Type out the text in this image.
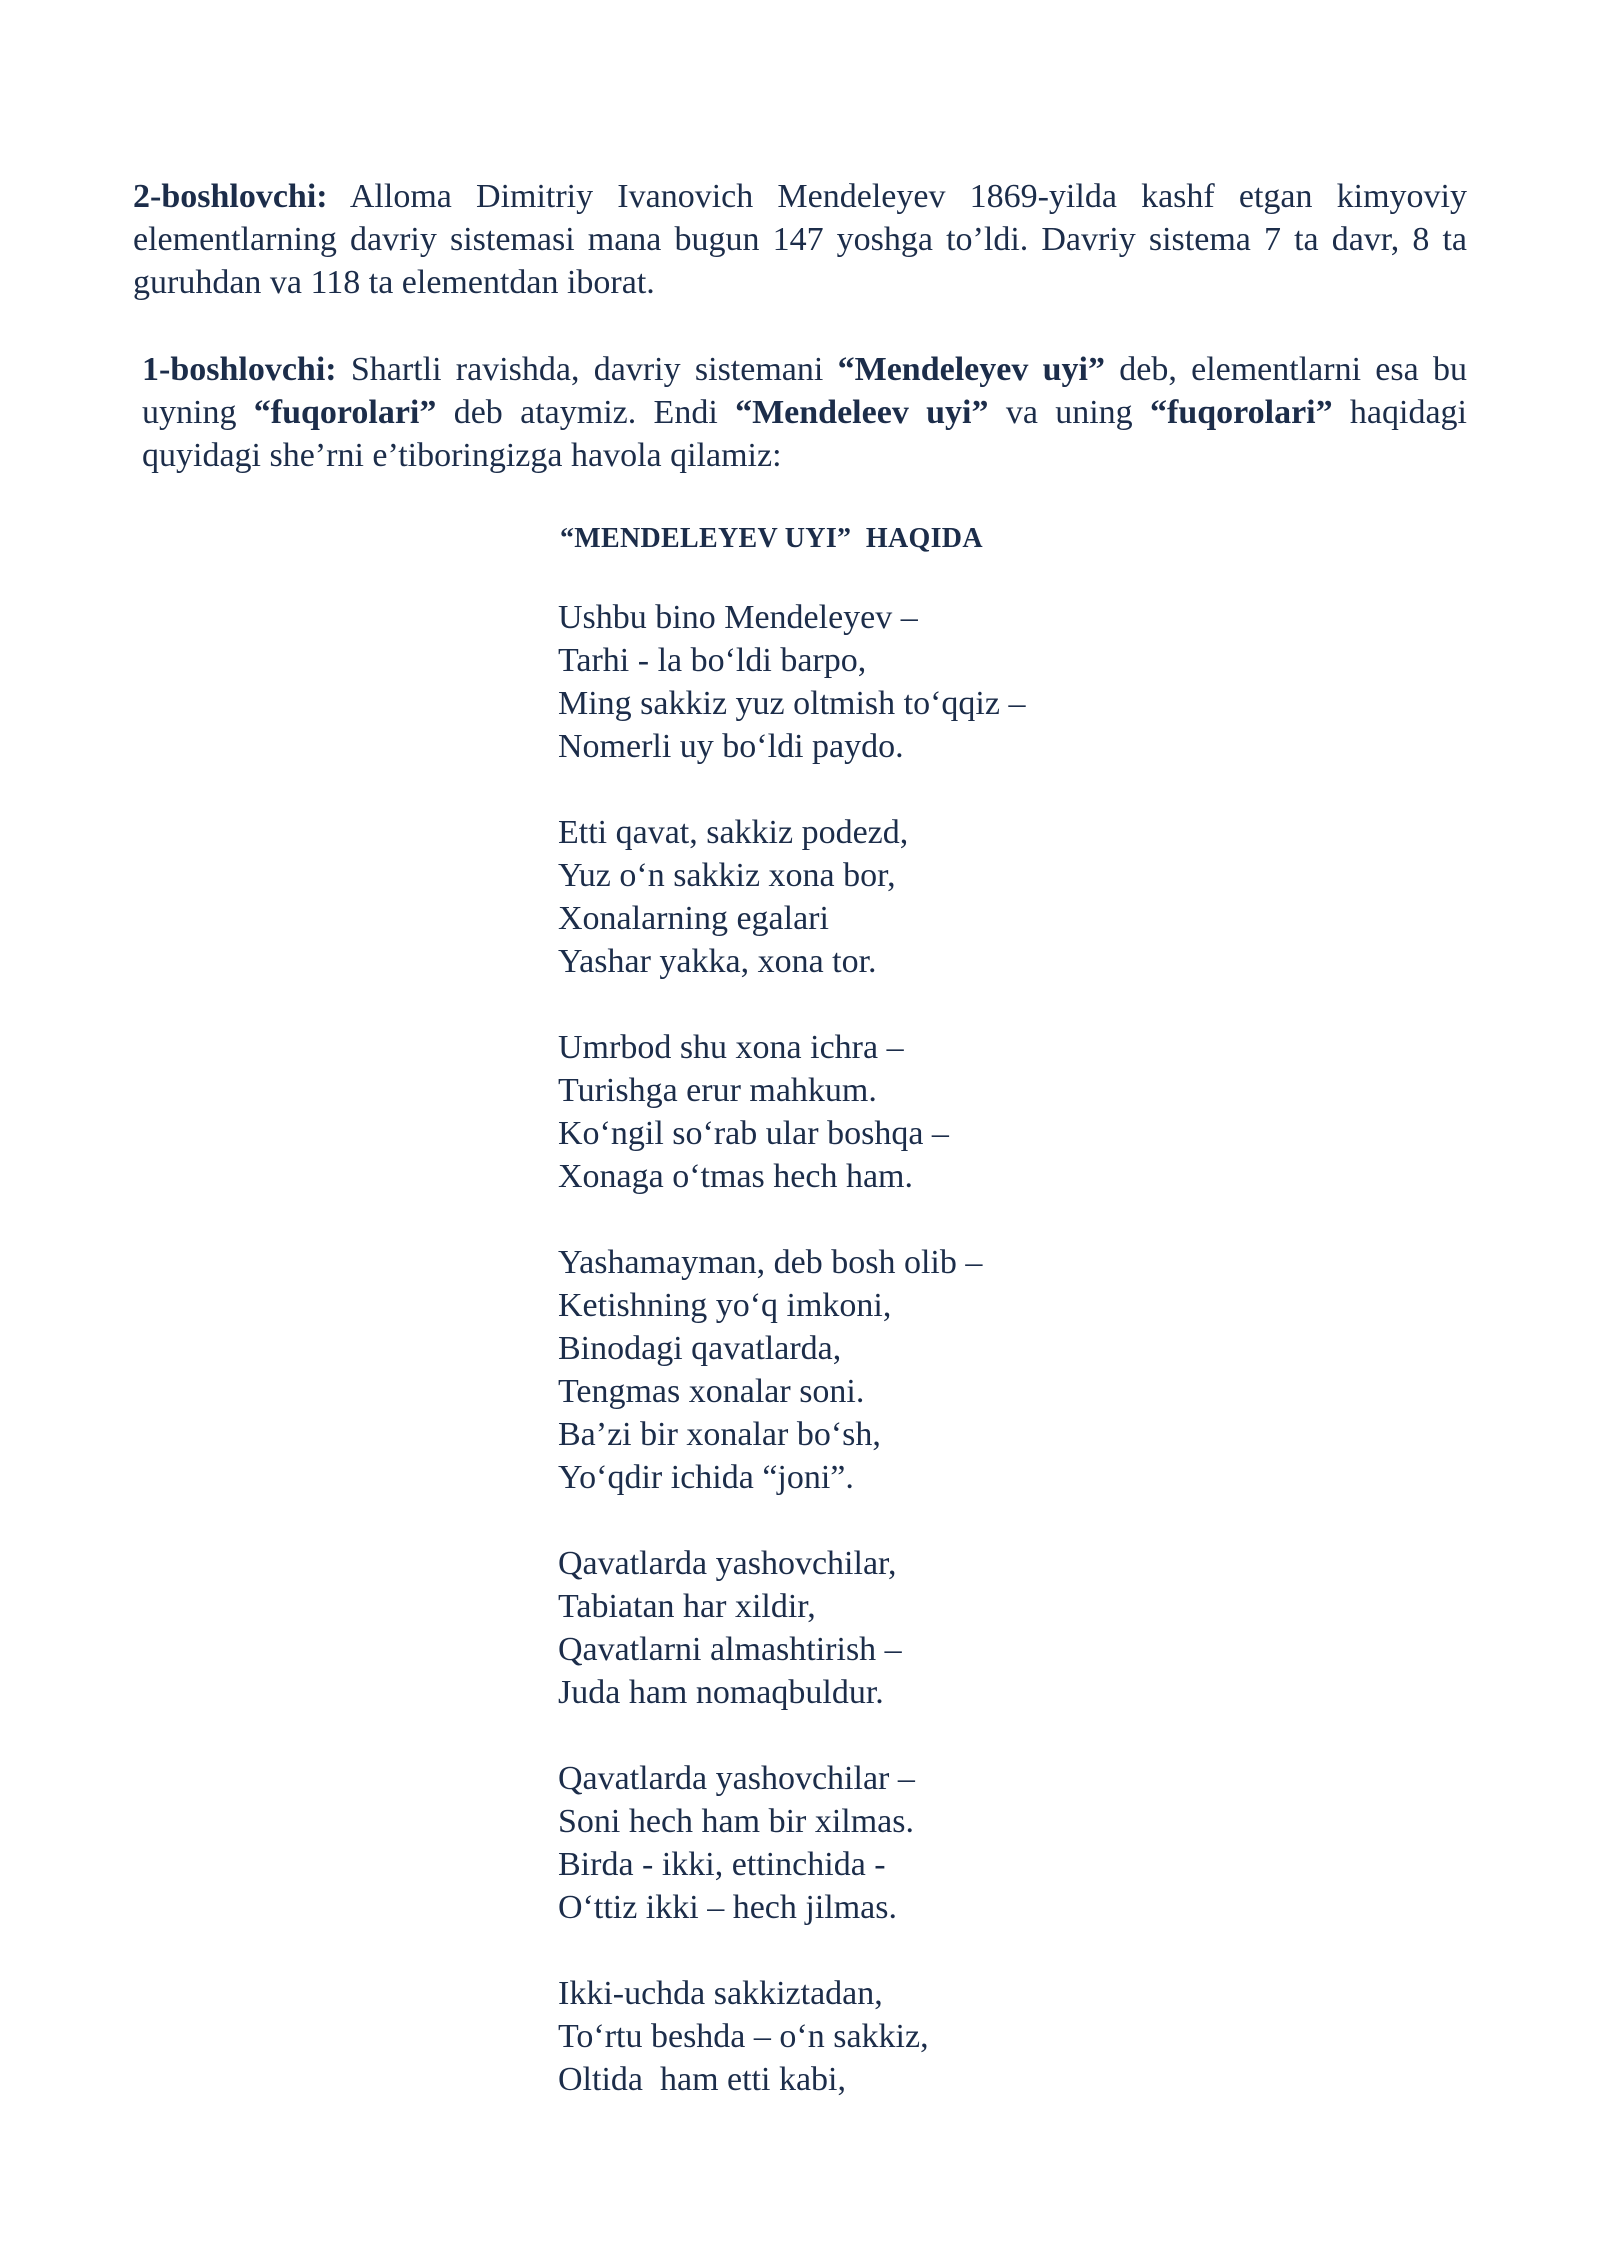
2-boshlovchi: Alloma Dimitriy Ivanovich Mendeleyev 1869-yilda kashf etgan kimyoviy elementlarning davriy sistemasi mana bugun 147 yoshga to’ldi. Davriy sistema 7 ta davr, 8 ta guruhdan va 118 ta elementdan iborat.

1-boshlovchi: Shartli ravishda, davriy sistemani “Mendeleyev uyi” deb, elementlarni esa bu uyning “fuqorolari” deb ataymiz. Endi “Mendeleev uyi” va uning “fuqorolari” haqidagi quyidagi she’rni e’tiboringizga havola qilamiz:

“MENDELEYEV UYI”  HAQIDA

Ushbu bino Mendeleyev –
Tarhi - la bo‘ldi barpo,
Ming sakkiz yuz oltmish to‘qqiz –
Nomerli uy bo‘ldi paydo.
Etti qavat, sakkiz podezd,
Yuz o‘n sakkiz xona bor,
Xonalarning egalari
Yashar yakka, xona tor.
Umrbod shu xona ichra –
Turishga erur mahkum.
Ko‘ngil so‘rab ular boshqa –
Xonaga o‘tmas hech ham.
Yashamayman, deb bosh olib –
Ketishning yo‘q imkoni,
Binodagi qavatlarda,
Tengmas xonalar soni.
Ba’zi bir xonalar bo‘sh,
Yo‘qdir ichida “joni”.
Qavatlarda yashovchilar,
Tabiatan har xildir,
Qavatlarni almashtirish –
Juda ham nomaqbuldur.
Qavatlarda yashovchilar –
Soni hech ham bir xilmas.
Birda - ikki, ettinchida -
O‘ttiz ikki – hech jilmas.
Ikki-uchda sakkiztadan,
To‘rtu beshda – o‘n sakkiz,
Oltida  ham etti kabi,
